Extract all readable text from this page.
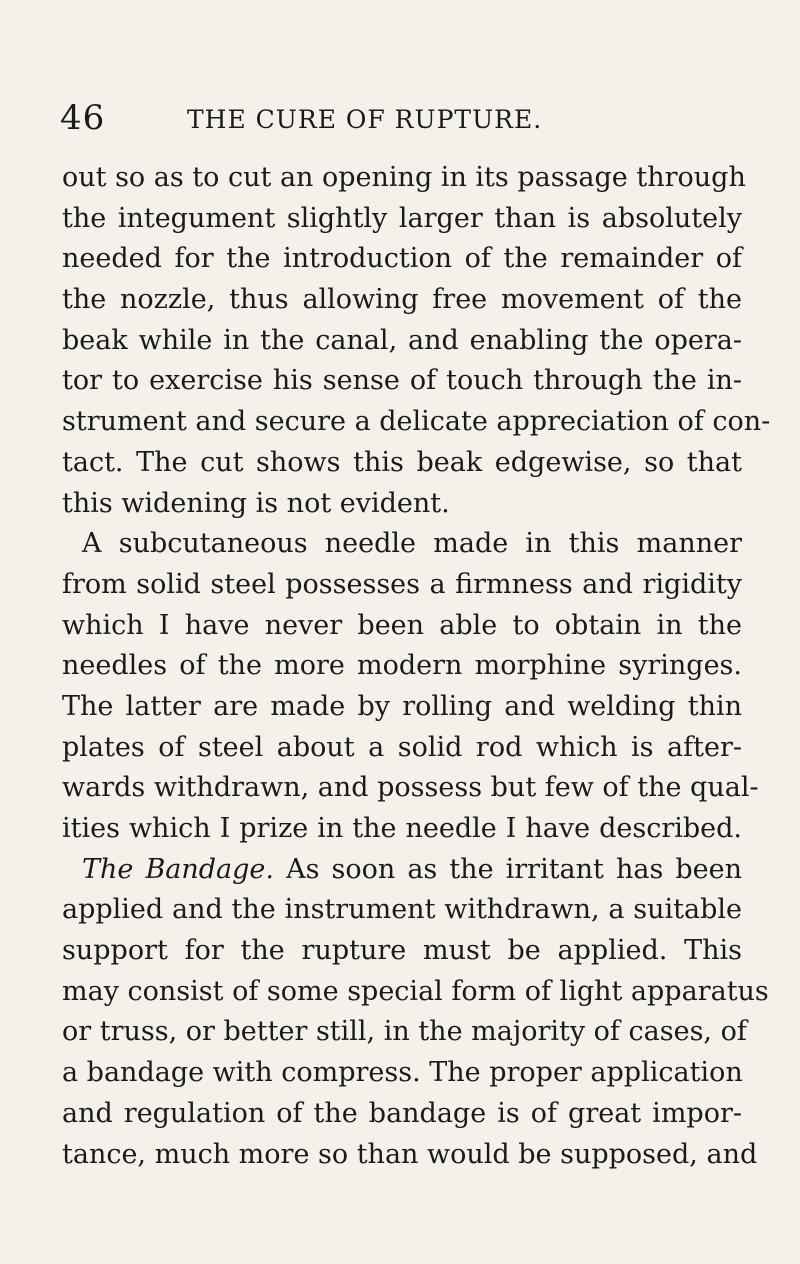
46	THE CURE OF RUPTURE.
out so as to cut an opening in its passage through
the integument slightly larger than is absolutely
needed for the introduction of the remainder of
the nozzle, thus allowing free movement of the
beak while in the canal, and enabling the opera-
tor to exercise his sense of touch through the in-
strument and secure a delicate appreciation of con-
tact. The cut shows this beak edgewise, so that
this widening is not evident.
A subcutaneous needle made in this manner
from solid steel possesses a firmness and rigidity
which I have never been able to obtain in the
needles of the more modern morphine syringes.
The latter are made by rolling and welding thin
plates of steel about a solid rod which is after-
wards withdrawn, and possess but few of the qual-
ities which I prize in the needle I have described.
The Bandage. As soon as the irritant has been
applied and the instrument withdrawn, a suitable
support for the rupture must be applied. This
may consist of some special form of light apparatus
or truss, or better still, in the majority of cases, of
a bandage with compress. The proper application
and regulation of the bandage is of great impor-
tance, much more so than would be supposed, and
